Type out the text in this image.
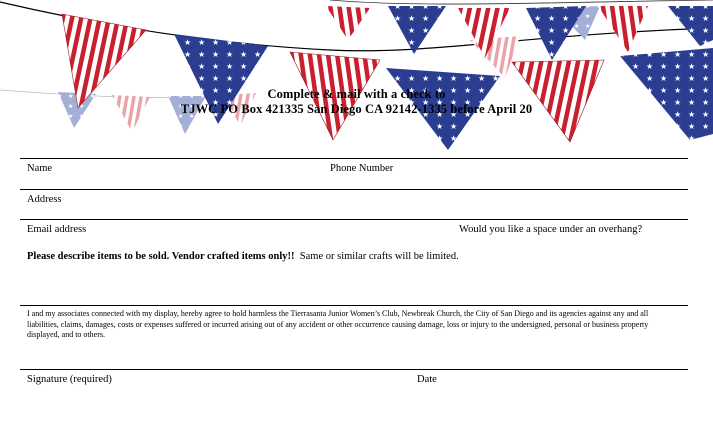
Complete & mail with a check to
TJWC PO Box 421335 San Diego CA 92142-1335 before April 20
Name	Phone Number
Address
Email address	Would you like a space under an overhang?
Please describe items to be sold. Vendor crafted items only!!  Same or similar crafts will be limited.
I and my associates connected with my display, hereby agree to hold harmless the Tierrasanta Junior Women’s Club, Newbreak Church, the City of San Diego and its agencies against any and all liabilities, claims, damages, costs or expenses suffered or incurred arising out of any accident or other occurrence causing damage, loss or injury to the undersigned, personal or business property displayed, and to others.
Signature (required)	Date
